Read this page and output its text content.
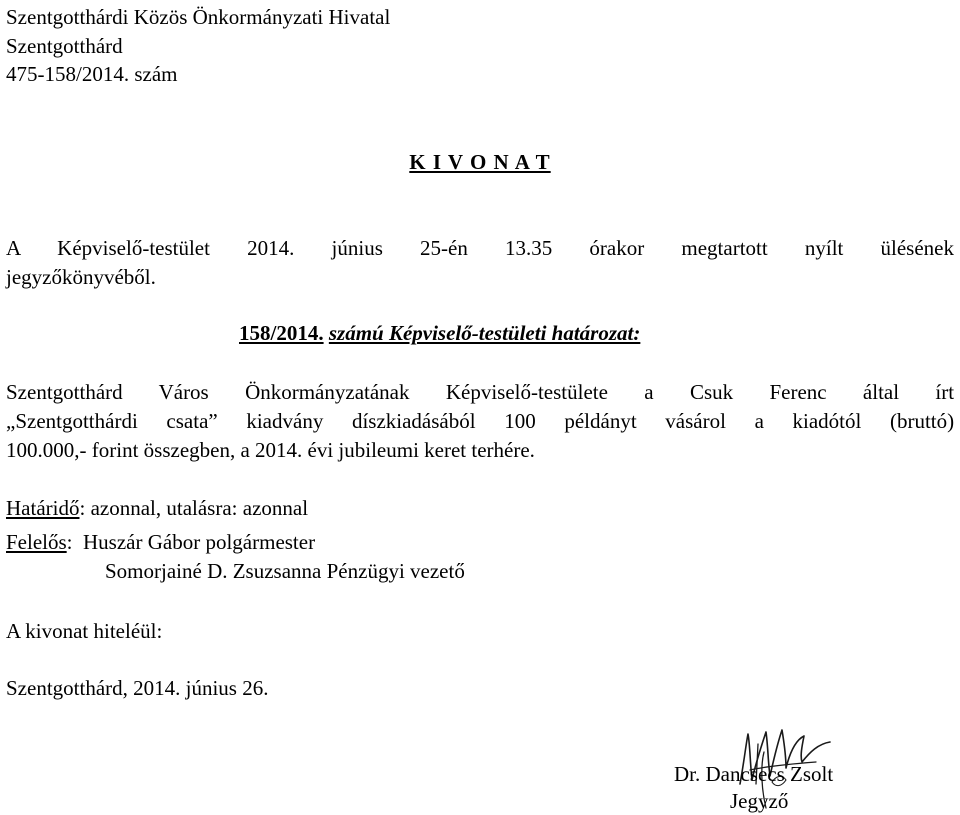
Szentgotthárdi Közös Önkormányzati Hivatal
Szentgotthárd
475-158/2014. szám
K I V O N A T
A Képviselő-testület 2014. június 25-én 13.35 órakor megtartott nyílt ülésének
jegyzőkönyvéből.
158/2014. számú Képviselő-testületi határozat:
Szentgotthárd Város Önkormányzatának Képviselő-testülete a Csuk Ferenc által írt
„Szentgotthárdi csata” kiadvány díszkiadásából 100 példányt vásárol a kiadótól (bruttó)
100.000,- forint összegben, a 2014. évi jubileumi keret terhére.
Határidő: azonnal, utalásra: azonnal
Felelős:  Huszár Gábor polgármester
Somorjainé D. Zsuzsanna Pénzügyi vezető
A kivonat hiteléül:
Szentgotthárd, 2014. június 26.
Dr. Dancsecs Zsolt
Jegyző
